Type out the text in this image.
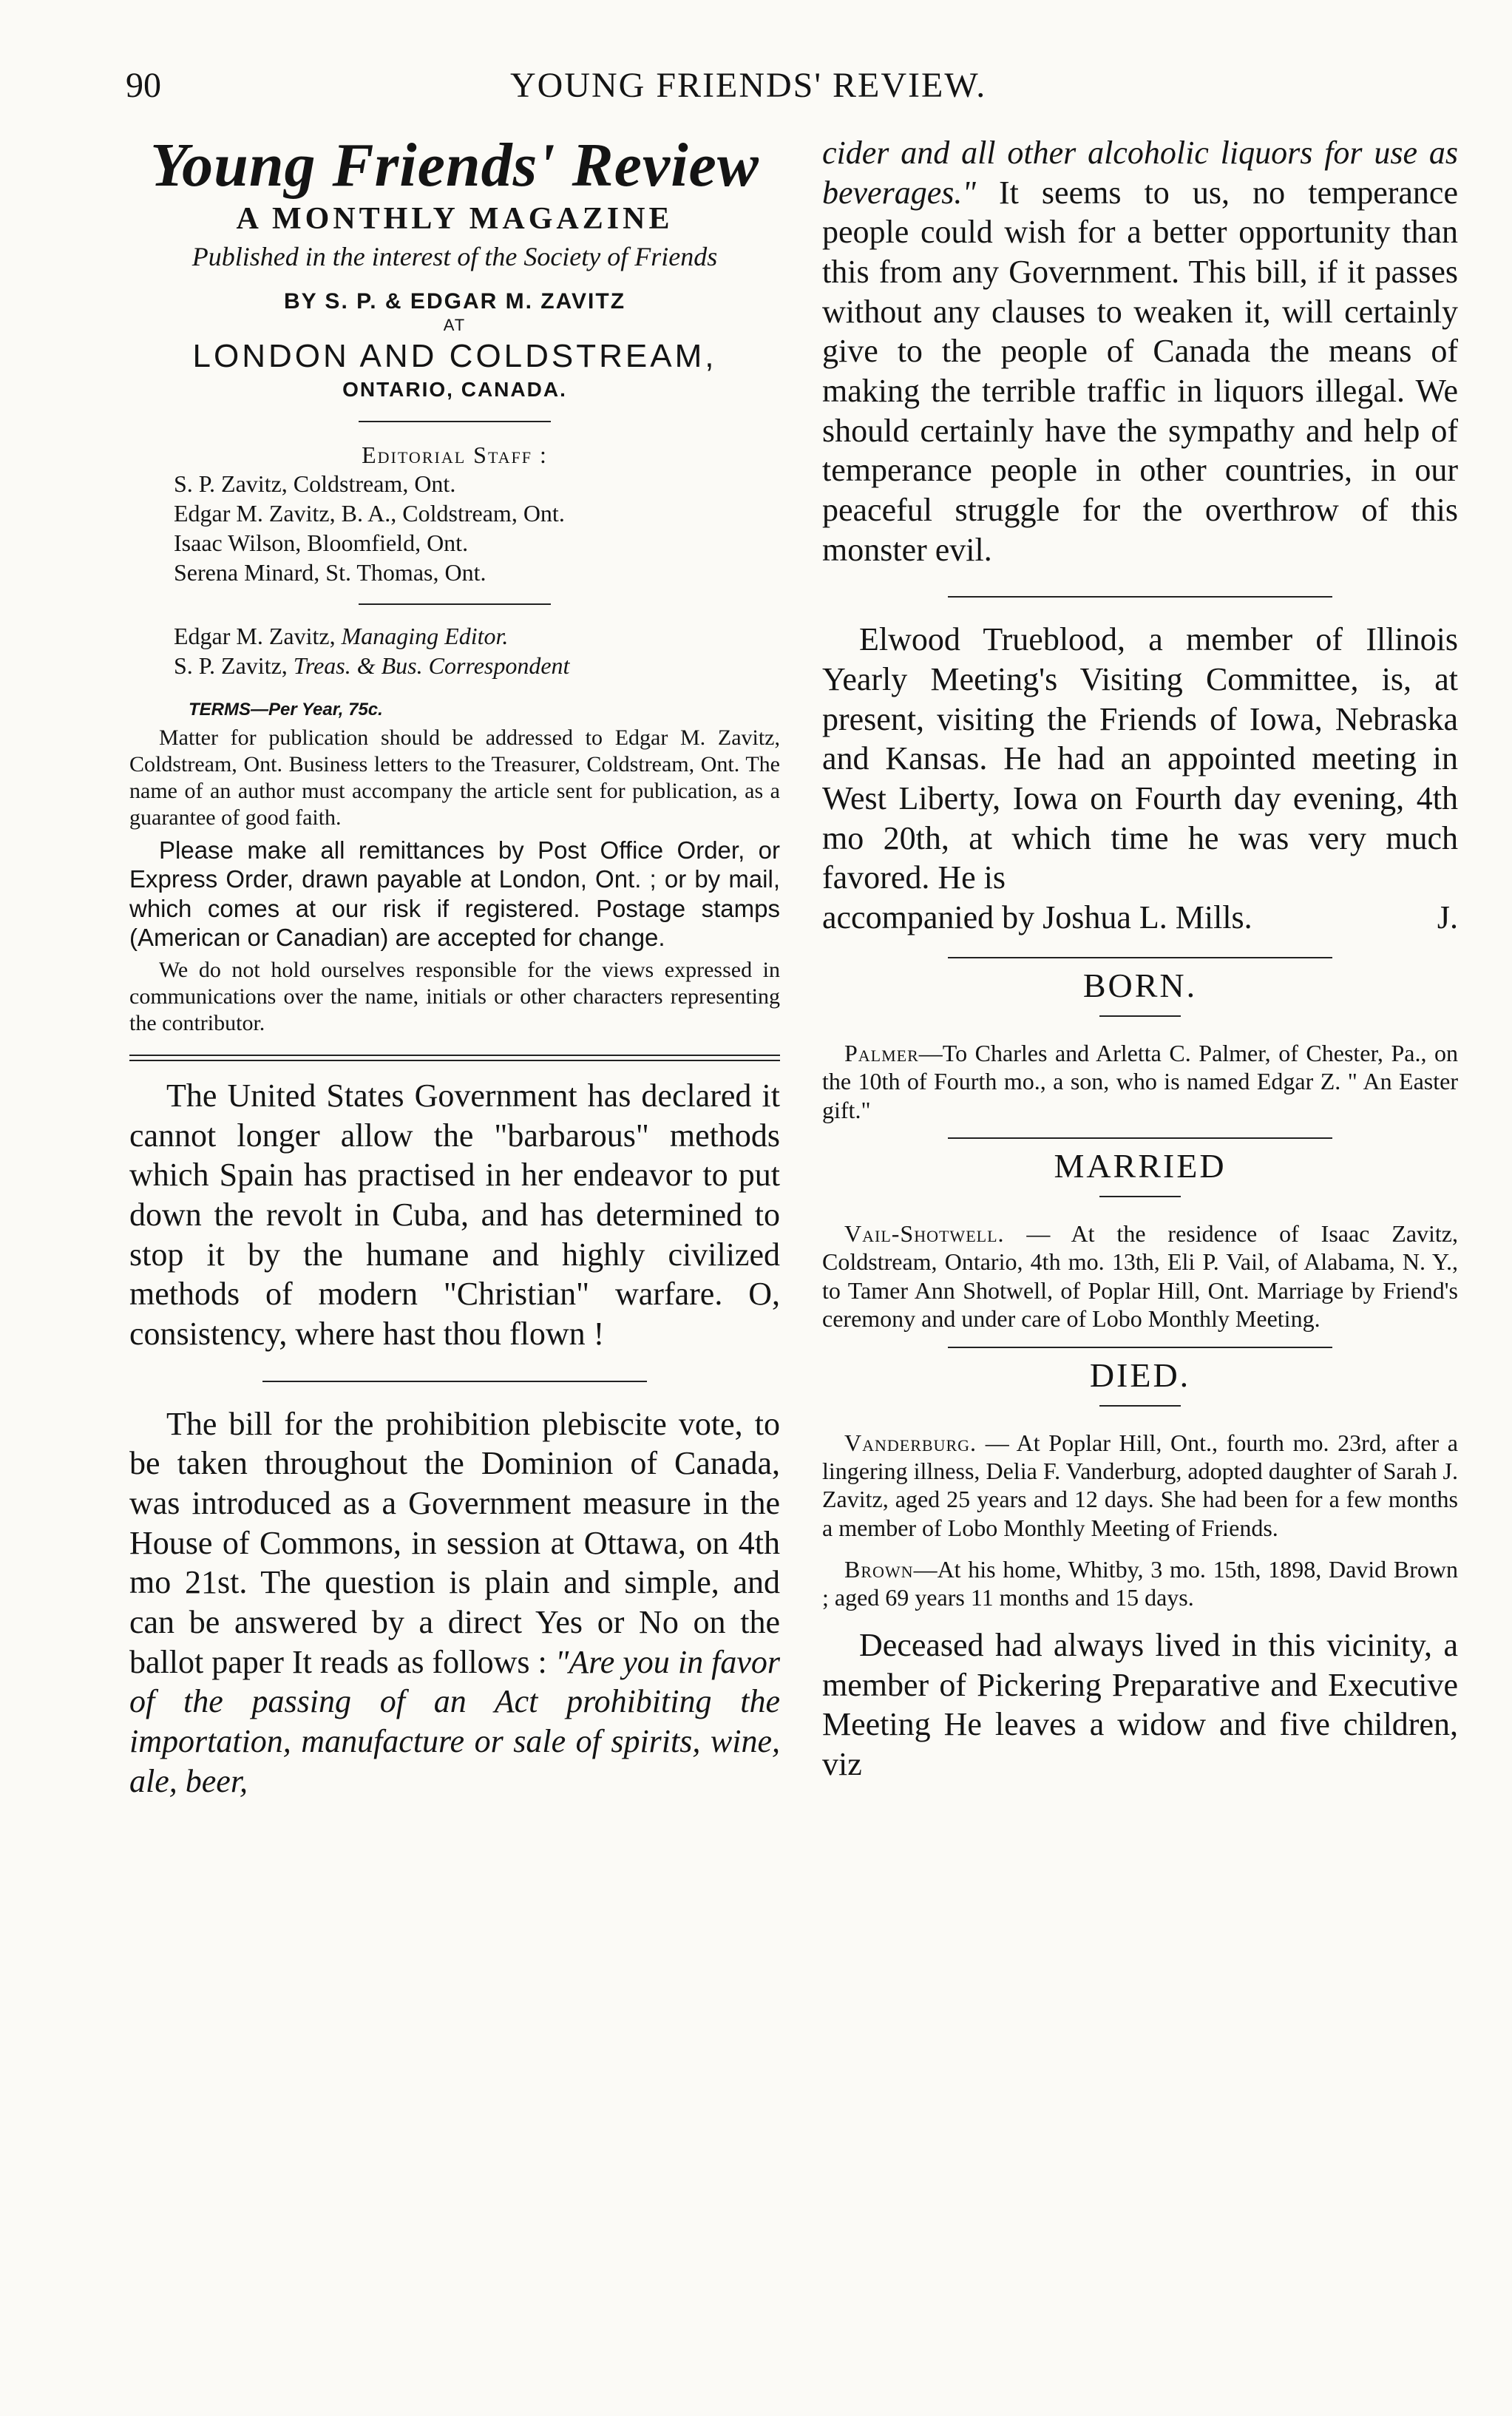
90	YOUNG FRIENDS' REVIEW.
Young Friends' Review
A MONTHLY MAGAZINE
Published in the interest of the Society of Friends
BY S. P. & EDGAR M. ZAVITZ
AT
LONDON AND COLDSTREAM,
ONTARIO, CANADA.
Editorial Staff :
S. P. Zavitz, Coldstream, Ont.
Edgar M. Zavitz, B. A., Coldstream, Ont.
Isaac Wilson, Bloomfield, Ont.
Serena Minard, St. Thomas, Ont.
Edgar M. Zavitz, Managing Editor.
S. P. Zavitz, Treas. & Bus. Correspondent
TERMS—Per Year, 75c.

Matter for publication should be addressed to Edgar M. Zavitz, Coldstream, Ont. Business letters to the Treasurer, Coldstream, Ont. The name of an author must accompany the article sent for publication, as a guarantee of good faith.

Please make all remittances by Post Office Order, or Express Order, drawn payable at London, Ont. ; or by mail, which comes at our risk if registered. Postage stamps (American or Canadian) are accepted for change.

We do not hold ourselves responsible for the views expressed in communications over the name, initials or other characters representing the contributor.

The United States Government has declared it cannot longer allow the "barbarous" methods which Spain has practised in her endeavor to put down the revolt in Cuba, and has determined to stop it by the humane and highly civilized methods of modern "Christian" warfare. O, consistency, where hast thou flown !

The bill for the prohibition plebiscite vote, to be taken throughout the Dominion of Canada, was introduced as a Government measure in the House of Commons, in session at Ottawa, on 4th mo 21st. The question is plain and simple, and can be answered by a direct Yes or No on the ballot paper It reads as follows : "Are you in favor of the passing of an Act prohibiting the importation, manufacture or sale of spirits, wine, ale, beer,

cider and all other alcoholic liquors for use as beverages." It seems to us, no temperance people could wish for a better opportunity than this from any Government. This bill, if it passes without any clauses to weaken it, will certainly give to the people of Canada the means of making the terrible traffic in liquors illegal. We should certainly have the sympathy and help of temperance people in other countries, in our peaceful struggle for the overthrow of this monster evil.

Elwood Trueblood, a member of Illinois Yearly Meeting's Visiting Committee, is, at present, visiting the Friends of Iowa, Nebraska and Kansas. He had an appointed meeting in West Liberty, Iowa on Fourth day evening, 4th mo 20th, at which time he was very much favored. He is

accompanied by Joshua L. Mills.	J.
BORN.

Palmer—To Charles and Arletta C. Palmer, of Chester, Pa., on the 10th of Fourth mo., a son, who is named Edgar Z. " An Easter gift."

MARRIED

Vail-Shotwell. — At the residence of Isaac Zavitz, Coldstream, Ontario, 4th mo. 13th, Eli P. Vail, of Alabama, N. Y., to Tamer Ann Shotwell, of Poplar Hill, Ont. Marriage by Friend's ceremony and under care of Lobo Monthly Meeting.

DIED.

Vanderburg. — At Poplar Hill, Ont., fourth mo. 23rd, after a lingering illness, Delia F. Vanderburg, adopted daughter of Sarah J. Zavitz, aged 25 years and 12 days. She had been for a few months a member of Lobo Monthly Meeting of Friends.

Brown—At his home, Whitby, 3 mo. 15th, 1898, David Brown ; aged 69 years 11 months and 15 days.

Deceased had always lived in this vicinity, a member of Pickering Preparative and Executive Meeting He leaves a widow and five children, viz
